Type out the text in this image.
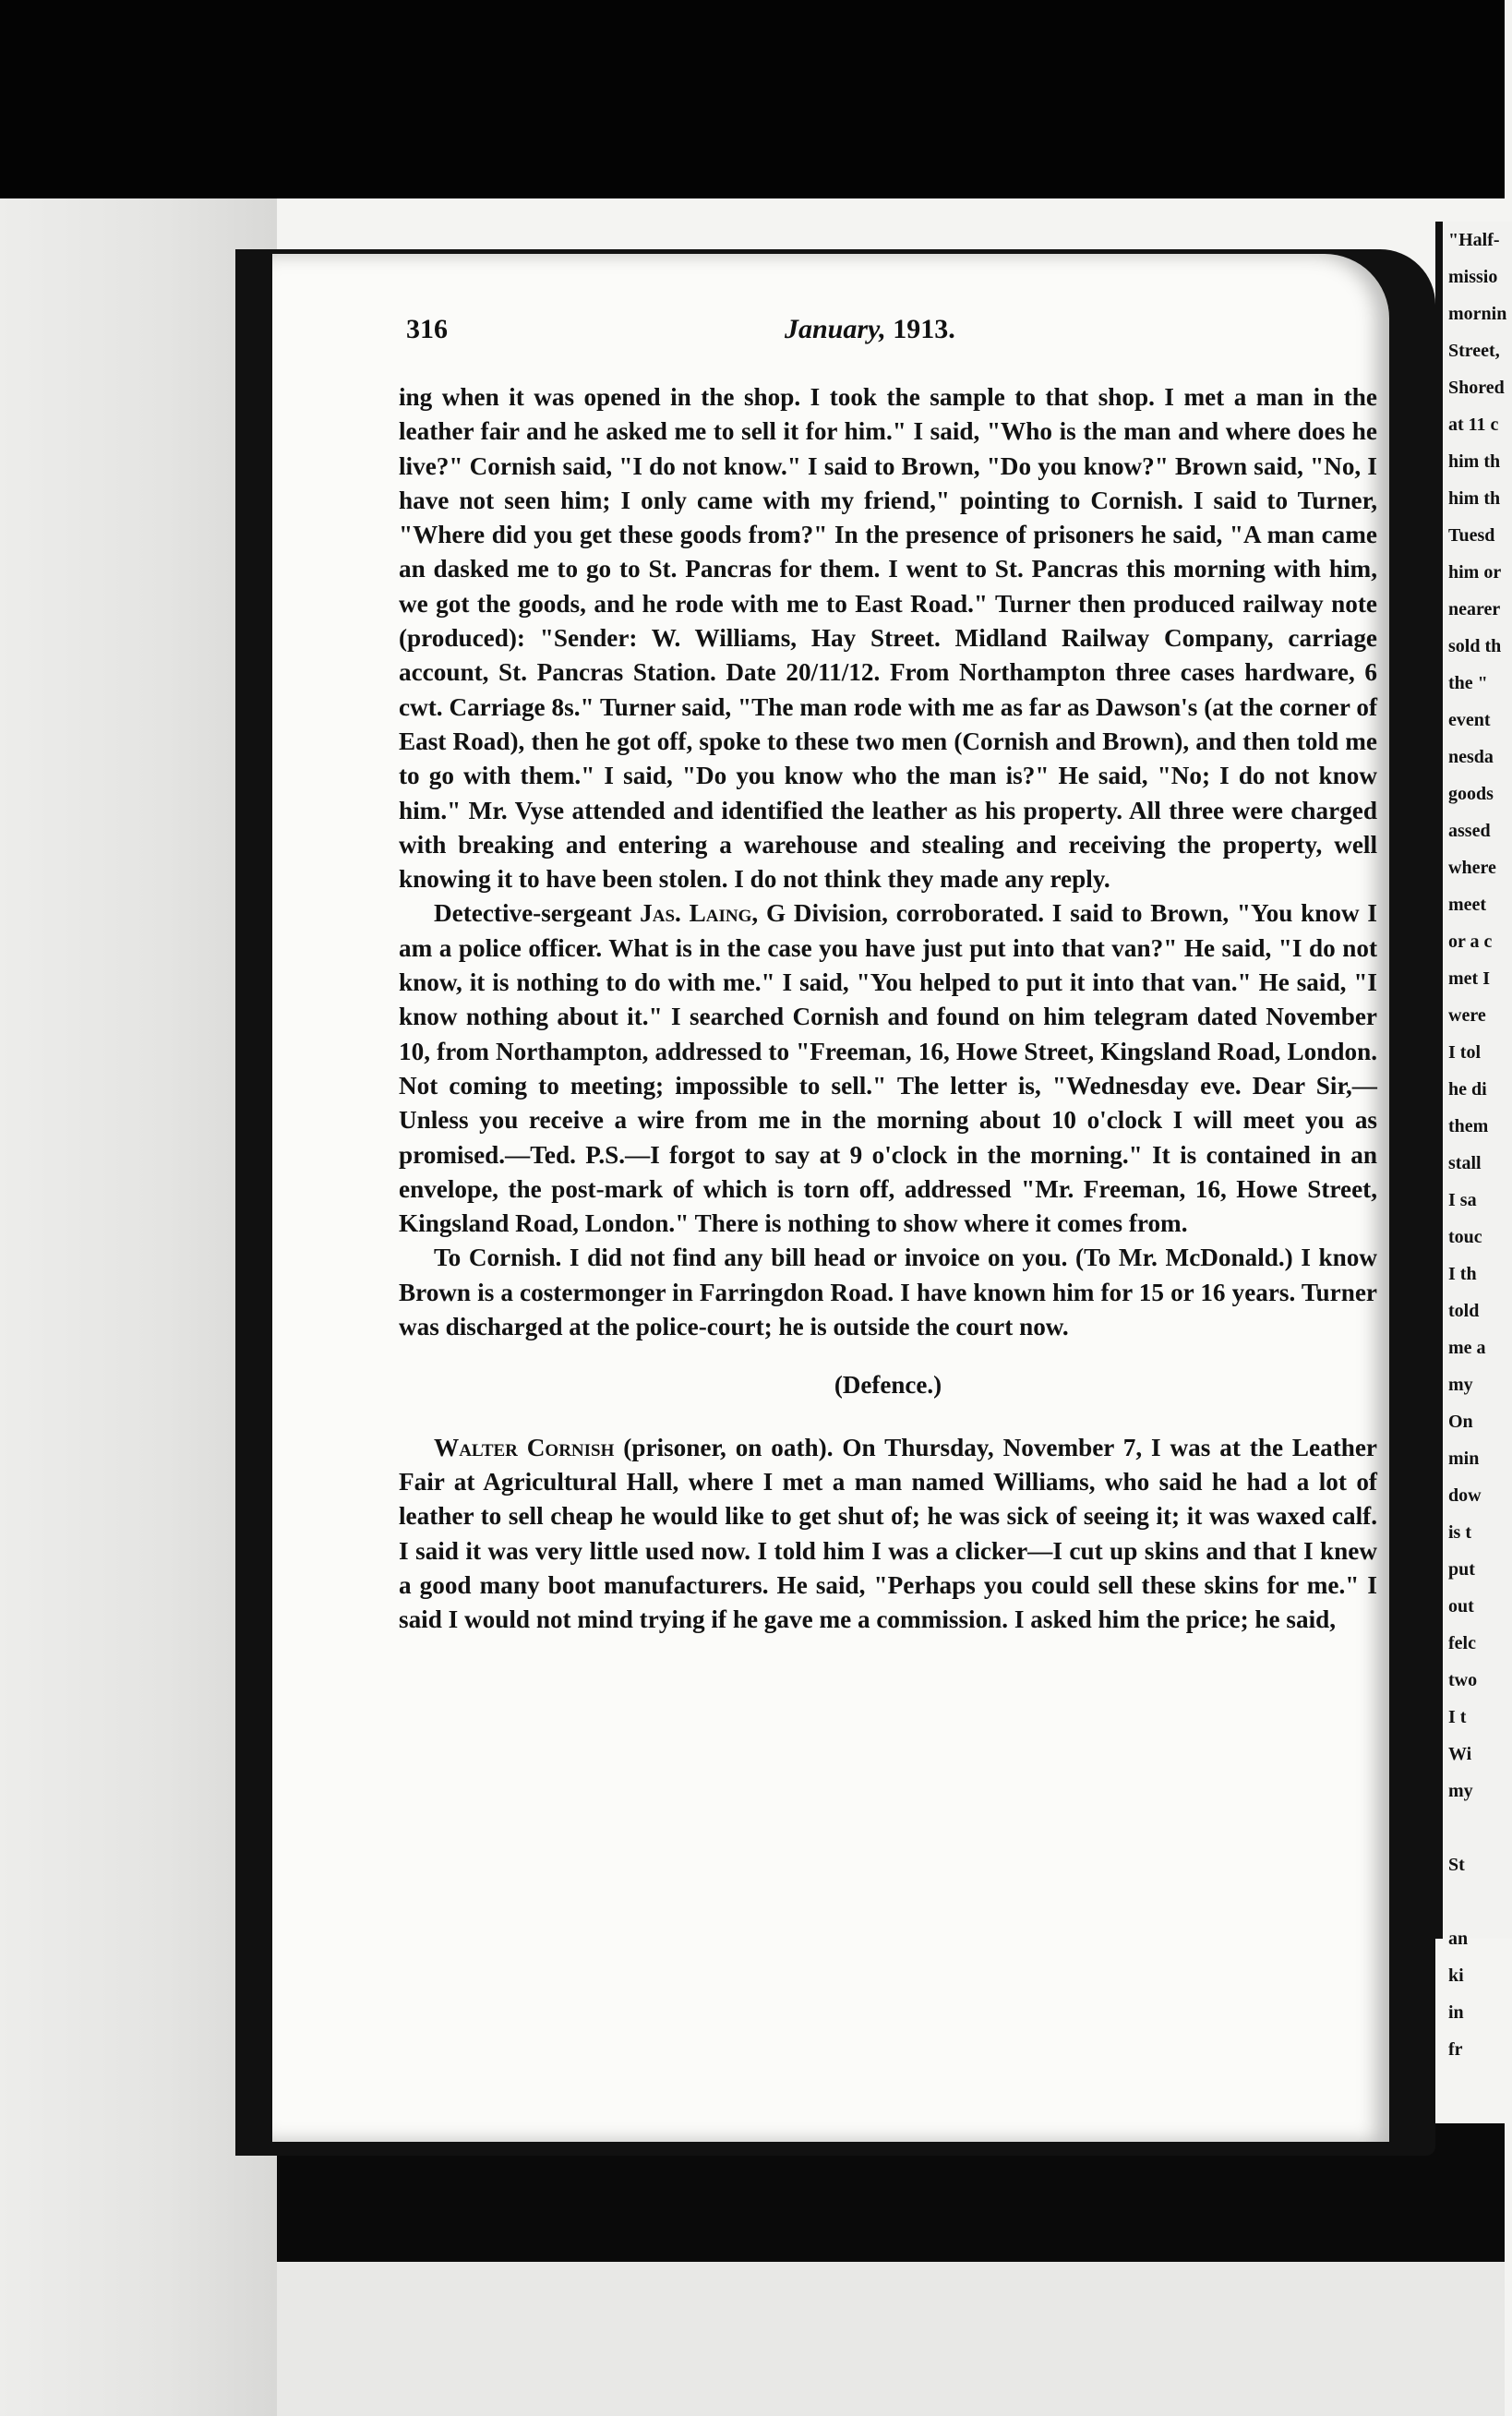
"Half-
missio
mornin
Street,
Shored
at 11 c
him th
him th
Tuesd
him or
nearer
sold th
the "
event
nesda
goods
assed
where
meet
or a c
met I
were
I tol
he di
them
stall
I sa
touc
I th
told
me a
my
On
min
dow
is t
put
out
felc
two
I t
Wi
my

St

an
ki
in
fr
316	January, 1913.

ing when it was opened in the shop. I took the sample to that shop. I met a man in the leather fair and he asked me to sell it for him." I said, "Who is the man and where does he live?" Cornish said, "I do not know." I said to Brown, "Do you know?" Brown said, "No, I have not seen him; I only came with my friend," pointing to Cornish. I said to Turner, "Where did you get these goods from?" In the presence of prisoners he said, "A man came an dasked me to go to St. Pancras for them. I went to St. Pancras this morning with him, we got the goods, and he rode with me to East Road." Turner then produced railway note (produced): "Sender: W. Williams, Hay Street. Midland Railway Company, carriage account, St. Pancras Station. Date 20/11/12. From Northampton three cases hardware, 6 cwt. Carriage 8s." Turner said, "The man rode with me as far as Dawson's (at the corner of East Road), then he got off, spoke to these two men (Cornish and Brown), and then told me to go with them." I said, "Do you know who the man is?" He said, "No; I do not know him." Mr. Vyse attended and identified the leather as his property. All three were charged with breaking and entering a warehouse and stealing and receiving the property, well knowing it to have been stolen. I do not think they made any reply.

Detective-sergeant Jas. Laing, G Division, corroborated. I said to Brown, "You know I am a police officer. What is in the case you have just put into that van?" He said, "I do not know, it is nothing to do with me." I said, "You helped to put it into that van." He said, "I know nothing about it." I searched Cornish and found on him telegram dated November 10, from Northampton, addressed to "Freeman, 16, Howe Street, Kingsland Road, London. Not coming to meeting; impossible to sell." The letter is, "Wednesday eve. Dear Sir,—Unless you receive a wire from me in the morning about 10 o'clock I will meet you as promised.—Ted. P.S.—I forgot to say at 9 o'clock in the morning." It is contained in an envelope, the post-mark of which is torn off, addressed "Mr. Freeman, 16, Howe Street, Kingsland Road, London." There is nothing to show where it comes from.

To Cornish. I did not find any bill head or invoice on you. (To Mr. McDonald.) I know Brown is a costermonger in Farringdon Road. I have known him for 15 or 16 years. Turner was discharged at the police-court; he is outside the court now.

(Defence.)

Walter Cornish (prisoner, on oath). On Thursday, November 7, I was at the Leather Fair at Agricultural Hall, where I met a man named Williams, who said he had a lot of leather to sell cheap he would like to get shut of; he was sick of seeing it; it was waxed calf. I said it was very little used now. I told him I was a clicker—I cut up skins and that I knew a good many boot manufacturers. He said, "Perhaps you could sell these skins for me." I said I would not mind trying if he gave me a commission. I asked him the price; he said,
